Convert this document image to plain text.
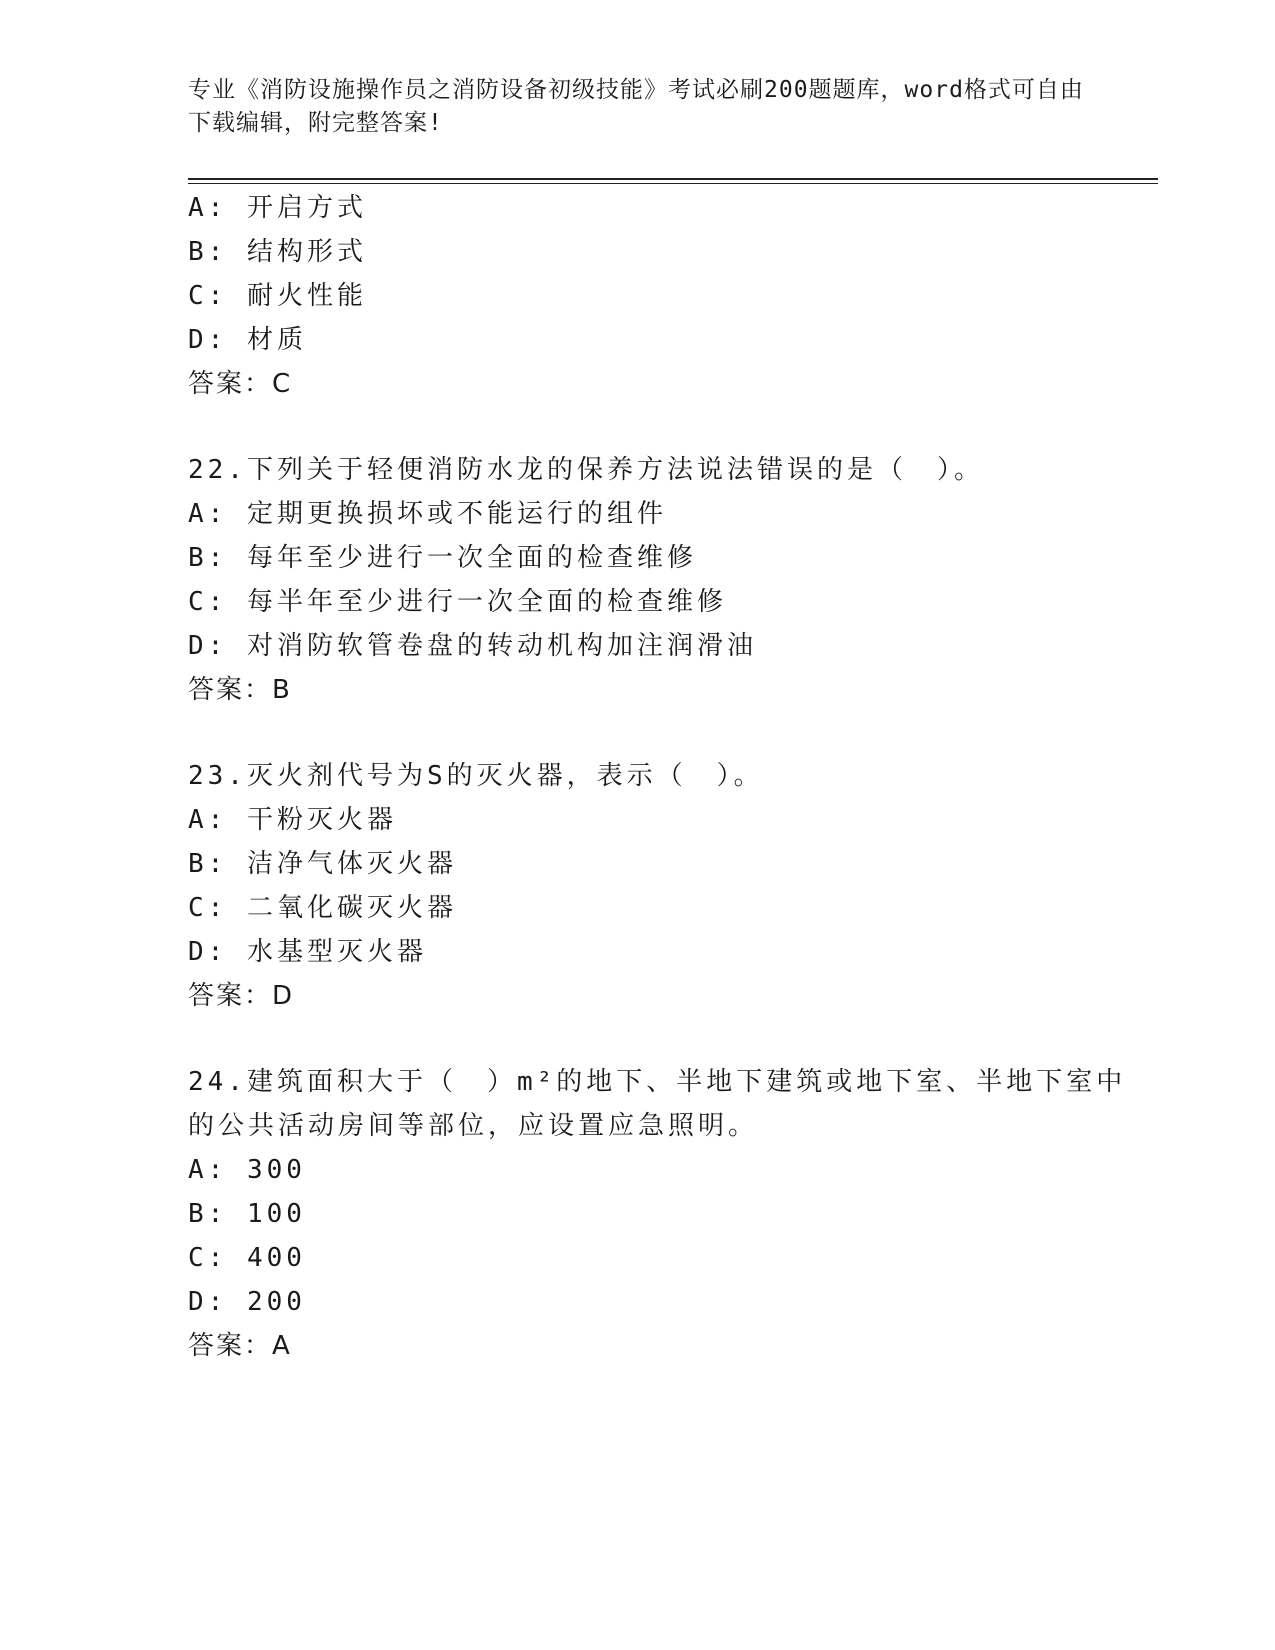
专业《消防设施操作员之消防设备初级技能》考试必刷200题题库，word格式可自由下载编辑，附完整答案!
A: 开启方式
B: 结构形式
C: 耐火性能
D: 材质
答案：C
22.下列关于轻便消防水龙的保养方法说法错误的是（　）。
A: 定期更换损坏或不能运行的组件
B: 每年至少进行一次全面的检查维修
C: 每半年至少进行一次全面的检查维修
D: 对消防软管卷盘的转动机构加注润滑油
答案：B
23.灭火剂代号为S的灭火器，表示（　）。
A: 干粉灭火器
B: 洁净气体灭火器
C: 二氧化碳灭火器
D: 水基型灭火器
答案：D
24.建筑面积大于（　）m²的地下、半地下建筑或地下室、半地下室中
的公共活动房间等部位，应设置应急照明。
A: 300
B: 100
C: 400
D: 200
答案：A
